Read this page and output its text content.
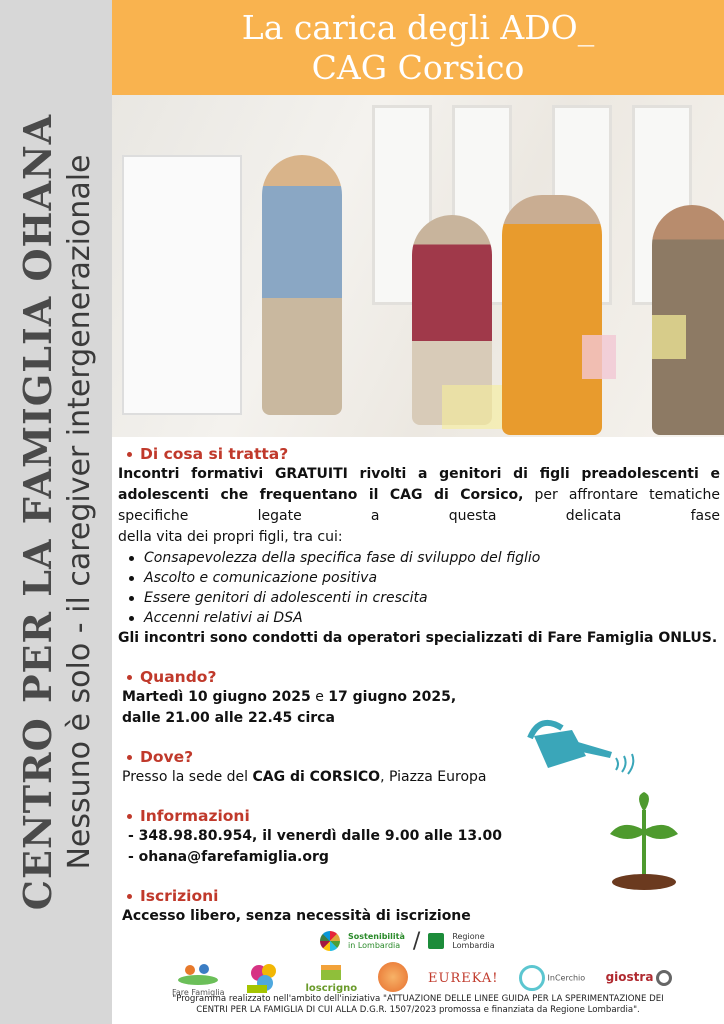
CENTRO PER LA FAMIGLIA OHANA Nessuno è solo - il caregiver intergenerazionale
La carica degli ADO_
CAG Corsico
Di cosa si tratta?
Incontri formativi GRATUITI rivolti a genitori di figli preadolescenti e adolescenti che frequentano il CAG di Corsico, per affrontare tematiche specifiche legate a questa delicata fase
della vita dei propri figli, tra cui:
Consapevolezza della specifica fase di sviluppo del figlio
Ascolto e comunicazione positiva
Essere genitori di adolescenti in crescita
Accenni relativi ai DSA
Gli incontri sono condotti da operatori specializzati di Fare Famiglia ONLUS.
Quando?
Martedì 10 giugno 2025 e 17 giugno 2025,
dalle 21.00 alle 22.45 circa
Dove?
Presso la sede del CAG di CORSICO, Piazza Europa
Informazioni
- 348.98.80.954, il venerdì dalle 9.00 alle 13.00
- ohana@farefamiglia.org
Iscrizioni
Accesso libero, senza necessità di iscrizione
Sostenibilità
in Lombardia /	Regione
Lombardia
Fare Famiglia	loscrigno
EUREKA!	InCerchio giostra
"Programma realizzato nell'ambito dell'iniziativa "ATTUAZIONE DELLE LINEE GUIDA PER LA SPERIMENTAZIONE DEI
CENTRI PER LA FAMIGLIA DI CUI ALLA D.G.R. 1507/2023 promossa e finanziata da Regione Lombardia".
